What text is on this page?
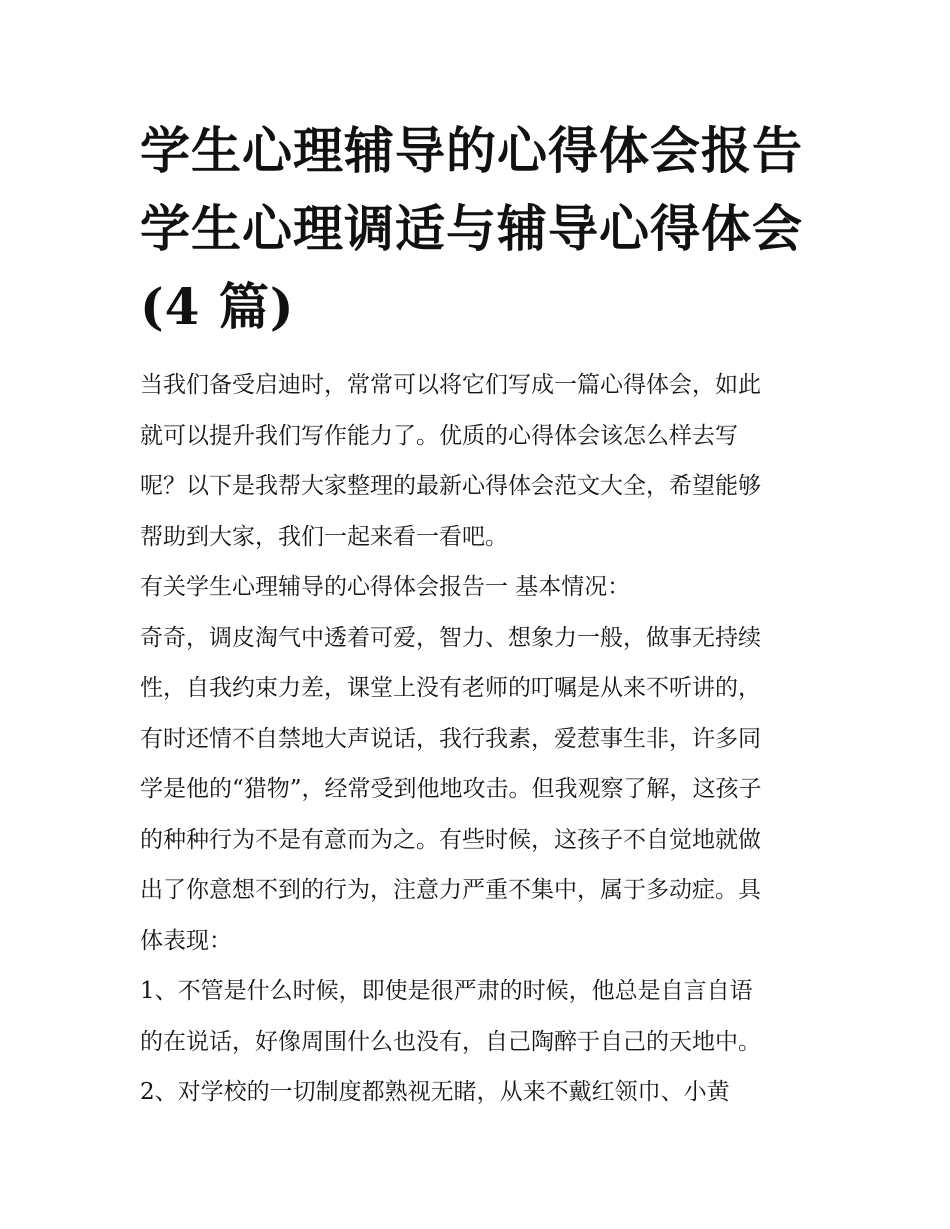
学生心理辅导的心得体会报告
学生心理调适与辅导心得体会
(4 篇)

当我们备受启迪时，常常可以将它们写成一篇心得体会，如此
就可以提升我们写作能力了。优质的心得体会该怎么样去写
呢？以下是我帮大家整理的最新心得体会范文大全，希望能够
帮助到大家，我们一起来看一看吧。

有关学生心理辅导的心得体会报告一 基本情况：

奇奇，调皮淘气中透着可爱，智力、想象力一般，做事无持续
性，自我约束力差，课堂上没有老师的叮嘱是从来不听讲的，
有时还情不自禁地大声说话，我行我素，爱惹事生非，许多同
学是他的“猎物”，经常受到他地攻击。但我观察了解，这孩子
的种种行为不是有意而为之。有些时候，这孩子不自觉地就做
出了你意想不到的行为，注意力严重不集中，属于多动症。具
体表现：

1、不管是什么时候，即使是很严肃的时候，他总是自言自语
的在说话，好像周围什么也没有，自己陶醉于自己的天地中。

2、对学校的一切制度都熟视无睹，从来不戴红领巾、小黄
